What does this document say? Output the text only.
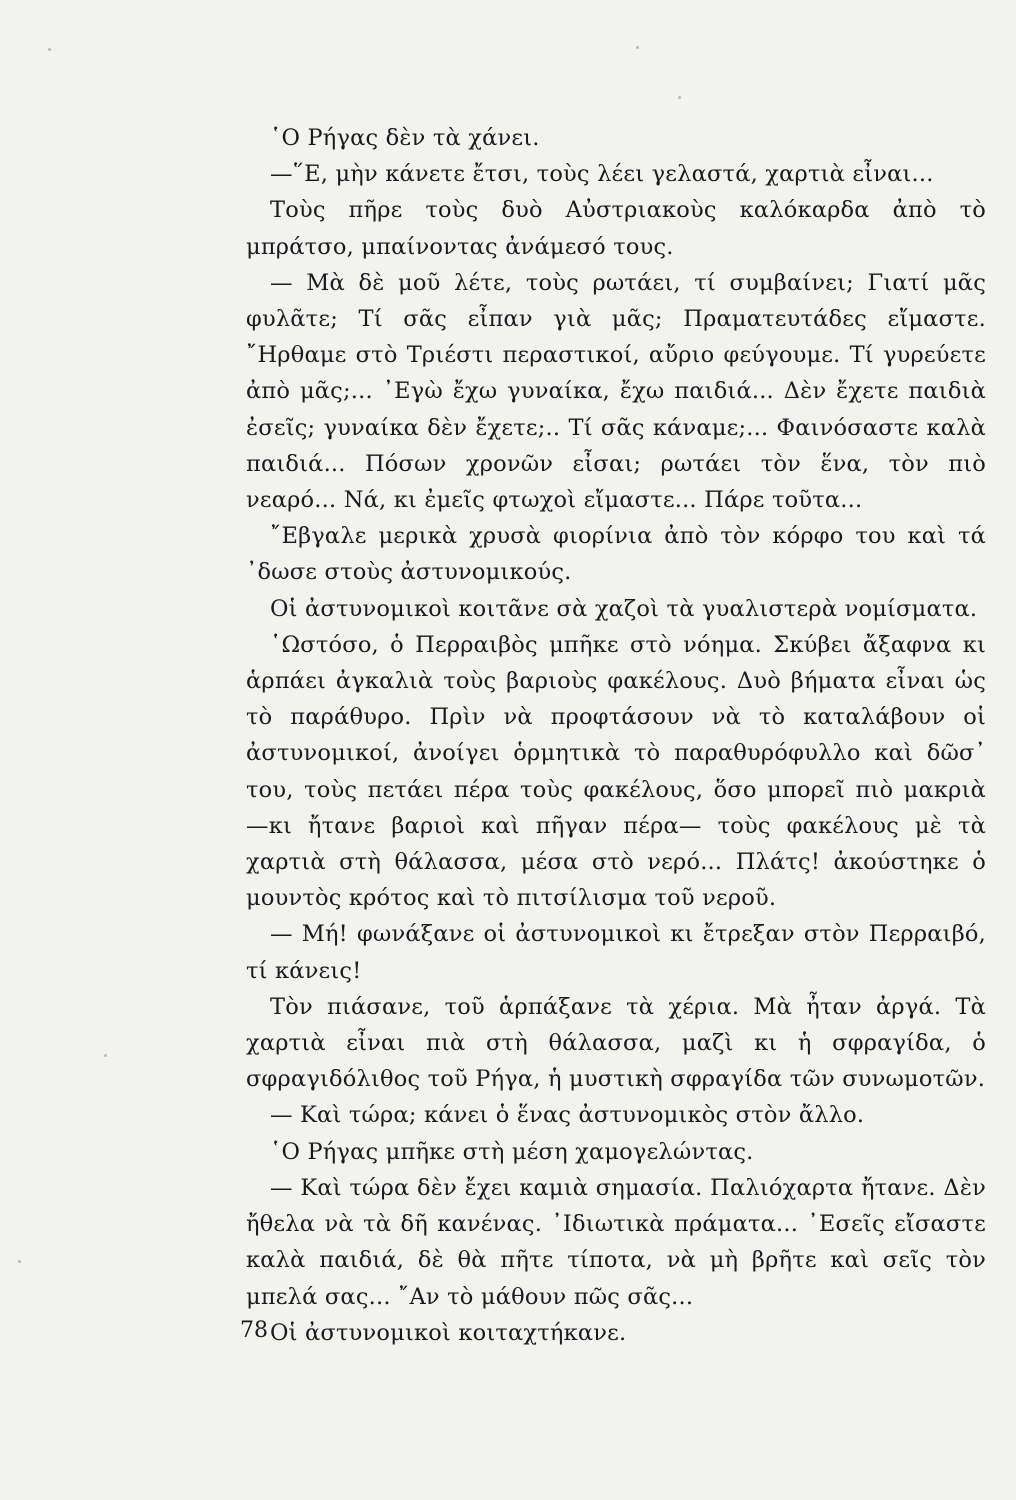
῾Ο Ρήγας δὲν τὰ χάνει.

—῞Ε, μὴν κάνετε ἔτσι, τοὺς λέει γελαστά, χαρτιὰ εἶναι...

Τοὺς πῆρε τοὺς δυὸ Αὐστριακοὺς καλόκαρδα ἀπὸ τὸ μπράτσο, μπαίνοντας ἀνάμεσό τους.

— Μὰ δὲ μοῦ λέτε, τοὺς ρωτάει, τί συμβαίνει; Γιατί μᾶς φυλᾶτε; Τί σᾶς εἶπαν γιὰ μᾶς; Πραματευτάδες εἴμαστε. ῎Ηρθαμε στὸ Τριέστι περαστικοί, αὔριο φεύγουμε. Τί γυρεύετε ἀπὸ μᾶς;... ᾿Εγὼ ἔχω γυναίκα, ἔχω παιδιά... Δὲν ἔχετε παιδιὰ ἐσεῖς; γυναίκα δὲν ἔχετε;.. Τί σᾶς κάναμε;... Φαινόσαστε καλὰ παιδιά... Πόσων χρονῶν εἶσαι; ρωτάει τὸν ἕνα, τὸν πιὸ νεαρό... Νά, κι ἐμεῖς φτωχοὶ εἴμαστε... Πάρε τοῦτα...

῎Εβγαλε μερικὰ χρυσὰ φιορίνια ἀπὸ τὸν κόρφο του καὶ τά ᾿δωσε στοὺς ἀστυνομικούς.

Οἱ ἀστυνομικοὶ κοιτᾶνε σὰ χαζοὶ τὰ γυαλιστερὰ νομίσματα.

῾Ωστόσο, ὁ Περραιβὸς μπῆκε στὸ νόημα. Σκύβει ἄξαφνα κι ἁρπάει ἀγκαλιὰ τοὺς βαριοὺς φακέλους. Δυὸ βήματα εἶναι ὡς τὸ παράθυρο. Πρὶν νὰ προφτάσουν νὰ τὸ καταλάβουν οἱ ἀστυνομικοί, ἀνοίγει ὁρμητικὰ τὸ παραθυρόφυλλο καὶ δῶσ᾿ του, τοὺς πετάει πέρα τοὺς φακέλους, ὅσο μπορεῖ πιὸ μακριὰ —κι ἤτανε βαριοὶ καὶ πῆγαν πέρα— τοὺς φακέλους μὲ τὰ χαρτιὰ στὴ θάλασσα, μέσα στὸ νερό... Πλάτς! ἀκούστηκε ὁ μουντὸς κρότος καὶ τὸ πιτσίλισμα τοῦ νεροῦ.

— Μή! φωνάξανε οἱ ἀστυνομικοὶ κι ἔτρεξαν στὸν Περραιβό, τί κάνεις!

Τὸν πιάσανε, τοῦ ἁρπάξανε τὰ χέρια. Μὰ ἦταν ἀργά. Τὰ χαρτιὰ εἶναι πιὰ στὴ θάλασσα, μαζὶ κι ἡ σφραγίδα, ὁ σφραγιδόλιθος τοῦ Ρήγα, ἡ μυστικὴ σφραγίδα τῶν συνωμοτῶν.

— Καὶ τώρα; κάνει ὁ ἕνας ἀστυνομικὸς στὸν ἄλλο.

῾Ο Ρήγας μπῆκε στὴ μέση χαμογελώντας.

— Καὶ τώρα δὲν ἔχει καμιὰ σημασία. Παλιόχαρτα ἤτανε. Δὲν ἤθελα νὰ τὰ δῆ κανένας. ᾿Ιδιωτικὰ πράματα... ᾿Εσεῖς εἴσαστε καλὰ παιδιά, δὲ θὰ πῆτε τίποτα, νὰ μὴ βρῆτε καὶ σεῖς τὸν μπελά σας... ῎Αν τὸ μάθουν πῶς σᾶς...

Οἱ ἀστυνομικοὶ κοιταχτήκανε.

78
